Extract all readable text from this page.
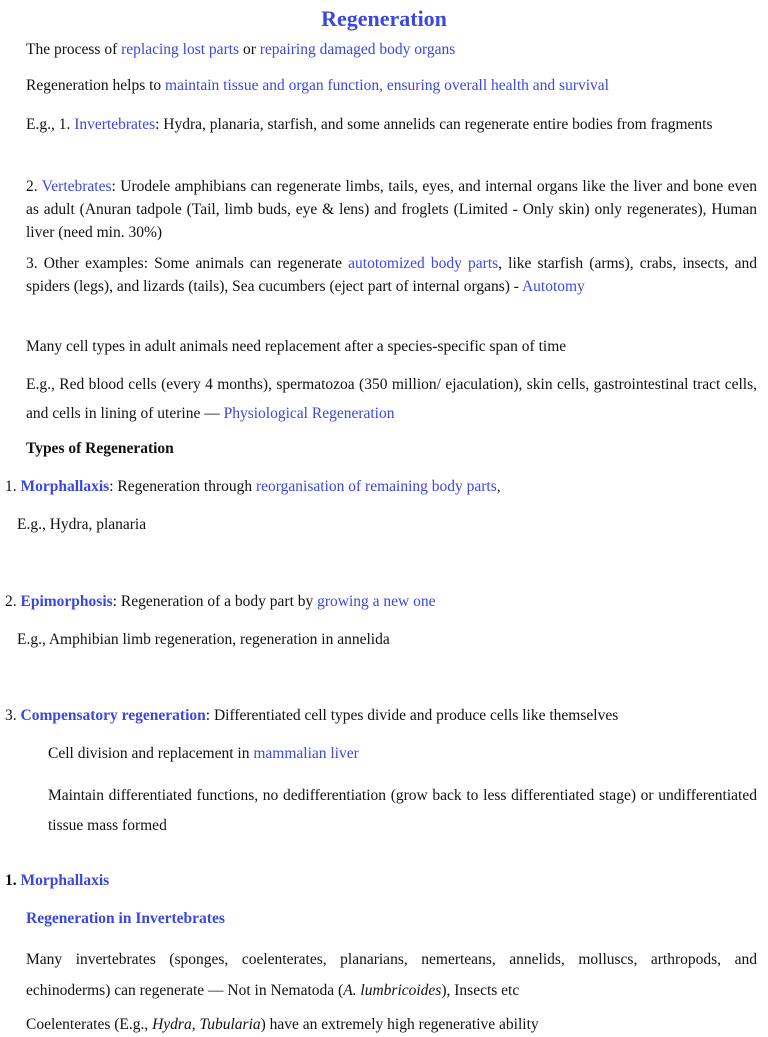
Regeneration

The process of replacing lost parts or repairing damaged body organs

Regeneration helps to maintain tissue and organ function, ensuring overall health and survival

E.g., 1. Invertebrates: Hydra, planaria, starfish, and some annelids can regenerate entire bodies from fragments

2. Vertebrates: Urodele amphibians can regenerate limbs, tails, eyes, and internal organs like the liver and bone even as adult (Anuran tadpole (Tail, limb buds, eye & lens) and froglets (Limited - Only skin) only regenerates), Human liver (need min. 30%)

3. Other examples: Some animals can regenerate autotomized body parts, like starfish (arms), crabs, insects, and spiders (legs), and lizards (tails), Sea cucumbers (eject part of internal organs) - Autotomy

Many cell types in adult animals need replacement after a species-specific span of time

E.g., Red blood cells (every 4 months), spermatozoa (350 million/ ejaculation), skin cells, gastrointestinal tract cells, and cells in lining of uterine — Physiological Regeneration

Types of Regeneration

1. Morphallaxis: Regeneration through reorganisation of remaining body parts,

E.g., Hydra, planaria

2. Epimorphosis: Regeneration of a body part by growing a new one

E.g., Amphibian limb regeneration, regeneration in annelida

3. Compensatory regeneration: Differentiated cell types divide and produce cells like themselves

Cell division and replacement in mammalian liver

Maintain differentiated functions, no dedifferentiation (grow back to less differentiated stage) or undifferentiated tissue mass formed

1. Morphallaxis

Regeneration in Invertebrates

Many invertebrates (sponges, coelenterates, planarians, nemerteans, annelids, molluscs, arthropods, and echinoderms) can regenerate — Not in Nematoda (A. lumbricoides), Insects etc

Coelenterates (E.g., Hydra, Tubularia) have an extremely high regenerative ability
